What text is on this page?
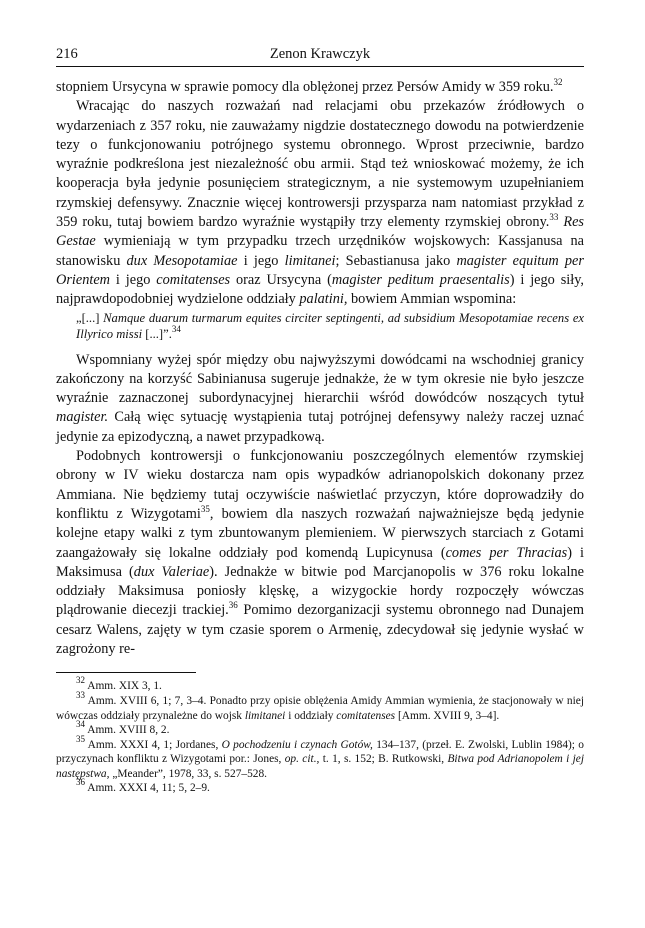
216	Zenon Krawczyk

stopniem Ursycyna w sprawie pomocy dla oblężonej przez Persów Amidy w 359 roku.$^{32}$

Wracając do naszych rozważań nad relacjami obu przekazów źródłowych o wydarzeniach z 357 roku, nie zauważamy nigdzie dostatecznego dowodu na potwierdzenie tezy o funkcjonowaniu potrójnego systemu obronnego. Wprost przeciwnie, bardzo wyraźnie podkreślona jest niezależność obu armii. Stąd też wnioskować możemy, że ich kooperacja była jedynie posunięciem strategicznym, a nie systemowym uzupełnianiem rzymskiej defensywy. Znacznie więcej kontrowersji przysparza nam natomiast przykład z 359 roku, tutaj bowiem bardzo wyraźnie wystąpiły trzy elementy rzymskiej obrony.$^{33}$ Res Gestae wymieniają w tym przypadku trzech urzędników wojskowych: Kassjanusa na stanowisku dux Mesopotamiae i jego limitanei; Sebastianusa jako magister equitum per Orientem i jego comitatenses oraz Ursycyna (magister peditum praesentalis) i jego siły, najprawdopodobniej wydzielone oddziały palatini, bowiem Ammian wspomina:

„[...] Namque duarum turmarum equites circiter septingenti, ad subsidium Mesopotamiae recens ex Illyrico missi [...]”.$^{34}$

Wspomniany wyżej spór między obu najwyższymi dowódcami na wschodniej granicy zakończony na korzyść Sabinianusa sugeruje jednakże, że w tym okresie nie było jeszcze wyraźnie zaznaczonej subordynacyjnej hierarchii wśród dowódców noszących tytuł magister. Całą więc sytuację wystąpienia tutaj potrójnej defensywy należy raczej uznać jedynie za epizodyczną, a nawet przypadkową.

Podobnych kontrowersji o funkcjonowaniu poszczególnych elementów rzymskiej obrony w IV wieku dostarcza nam opis wypadków adrianopolskich dokonany przez Ammiana. Nie będziemy tutaj oczywiście naświetlać przyczyn, które doprowadziły do konfliktu z Wizygotami$^{35}$, bowiem dla naszych rozważań najważniejsze będą jedynie kolejne etapy walki z tym zbuntowanym plemieniem. W pierwszych starciach z Gotami zaangażowały się lokalne oddziały pod komendą Lupicynusa (comes per Thracias) i Maksimusa (dux Valeriae). Jednakże w bitwie pod Marcjanopolis w 376 roku lokalne oddziały Maksimusa poniosły klęskę, a wizygockie hordy rozpoczęły wówczas plądrowanie diecezji trackiej.$^{36}$ Pomimo dezorganizacji systemu obronnego nad Dunajem cesarz Walens, zajęty w tym czasie sporem o Armenię, zdecydował się jedynie wysłać w zagrożony re-

$^{32}$ Amm. XIX 3, 1.

$^{33}$ Amm. XVIII 6, 1; 7, 3–4. Ponadto przy opisie oblężenia Amidy Ammian wymienia, że stacjonowały w niej wówczas oddziały przynależne do wojsk limitanei i oddziały comitatenses [Amm. XVIII 9, 3–4].

$^{34}$ Amm. XVIII 8, 2.

$^{35}$ Amm. XXXI 4, 1; Jordanes, O pochodzeniu i czynach Gotów, 134–137, (przeł. E. Zwolski, Lublin 1984); o przyczynach konfliktu z Wizygotami por.: Jones, op. cit., t. 1, s. 152; B. Rutkowski, Bitwa pod Adrianopolem i jej następstwa, „Meander”, 1978, 33, s. 527–528.

$^{36}$ Amm. XXXI 4, 11; 5, 2–9.
